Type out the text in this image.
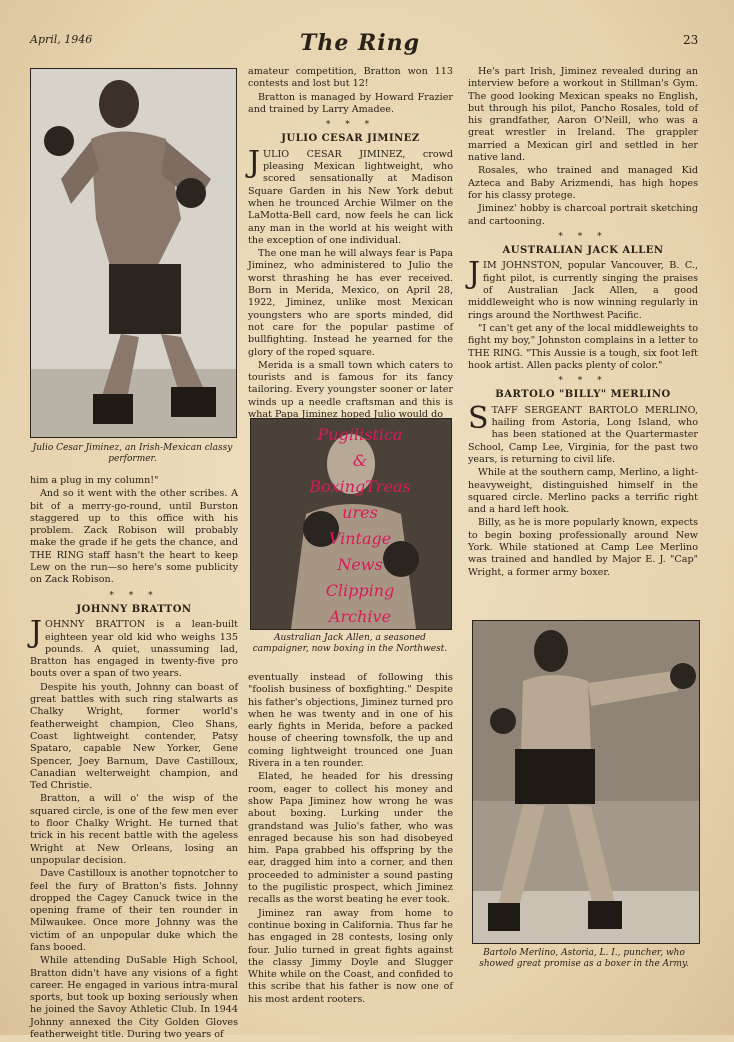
April, 1946	The Ring	23
Julio Cesar Jiminez, an Irish-Mexican classy performer.
Pugilistica
&
BoxingTreas
ures
Vintage
News
Clipping
Archive
Australian Jack Allen, a seasoned campaigner, now boxing in the Northwest.
Bartolo Merlino, Astoria, L. I., puncher, who showed great promise as a boxer in the Army.

him a plug in my column!"

And so it went with the other scribes. A bit of a merry-go-round, until Burston staggered up to this office with his problem. Zack Robison will probably make the grade if he gets the chance, and THE RING staff hasn't the heart to keep Lew on the run—so here's some publicity on Zack Robison.

* * *

JOHNNY BRATTON

JOHNNY BRATTON is a lean-built eighteen year old kid who weighs 135 pounds. A quiet, unassuming lad, Bratton has engaged in twenty-five pro bouts over a span of two years.

Despite his youth, Johnny can boast of great battles with such ring stalwarts as Chalky Wright, former world's featherweight champion, Cleo Shans, Coast lightweight contender, Patsy Spataro, capable New Yorker, Gene Spencer, Joey Barnum, Dave Castilloux, Canadian welterweight champion, and Ted Christie.

Bratton, a will o' the wisp of the squared circle, is one of the few men ever to floor Chalky Wright. He turned that trick in his recent battle with the ageless Wright at New Orleans, losing an unpopular decision.

Dave Castilloux is another topnotcher to feel the fury of Bratton's fists. Johnny dropped the Cagey Canuck twice in the opening frame of their ten rounder in Milwaukee. Once more Johnny was the victim of an unpopular duke which the fans booed.

While attending DuSable High School, Bratton didn't have any visions of a fight career. He engaged in various intra-mural sports, but took up boxing seriously when he joined the Savoy Athletic Club. In 1944 Johnny annexed the City Golden Gloves featherweight title. During two years of

amateur competition, Bratton won 113 contests and lost but 12!

Bratton is managed by Howard Frazier and trained by Larry Amadee.

* * *

JULIO CESAR JIMINEZ

JULIO CESAR JIMINEZ, crowd pleasing Mexican lightweight, who scored sensationally at Madison Square Garden in his New York debut when he trounced Archie Wilmer on the LaMotta-Bell card, now feels he can lick any man in the world at his weight with the exception of one individual.

The one man he will always fear is Papa Jiminez, who administered to Julio the worst thrashing he has ever received. Born in Merida, Mexico, on April 28, 1922, Jiminez, unlike most Mexican youngsters who are sports minded, did not care for the popular pastime of bullfighting. Instead he yearned for the glory of the roped square.

Merida is a small town which caters to tourists and is famous for its fancy tailoring. Every youngster sooner or later winds up a needle craftsman and this is what Papa Jiminez hoped Julio would do

eventually instead of following this "foolish business of boxfighting." Despite his father's objections, Jiminez turned pro when he was twenty and in one of his early fights in Merida, before a packed house of cheering townsfolk, the up and coming lightweight trounced one Juan Rivera in a ten rounder.

Elated, he headed for his dressing room, eager to collect his money and show Papa Jiminez how wrong he was about boxing. Lurking under the grandstand was Julio's father, who was enraged because his son had disobeyed him. Papa grabbed his offspring by the ear, dragged him into a corner, and then proceeded to administer a sound pasting to the pugilistic prospect, which Jiminez recalls as the worst beating he ever took.

Jiminez ran away from home to continue boxing in California. Thus far he has engaged in 28 contests, losing only four. Julio turned in great fights against the classy Jimmy Doyle and Slugger White while on the Coast, and confided to this scribe that his father is now one of his most ardent rooters.

He's part Irish, Jiminez revealed during an interview before a workout in Stillman's Gym. The good looking Mexican speaks no English, but through his pilot, Pancho Rosales, told of his grandfather, Aaron O'Neill, who was a great wrestler in Ireland. The grappler married a Mexican girl and settled in her native land.

Rosales, who trained and managed Kid Azteca and Baby Arizmendi, has high hopes for his classy protege.

Jiminez' hobby is charcoal portrait sketching and cartooning.

* * *

AUSTRALIAN JACK ALLEN

JIM JOHNSTON, popular Vancouver, B. C., fight pilot, is currently singing the praises of Australian Jack Allen, a good middleweight who is now winning regularly in rings around the Northwest Pacific.

"I can't get any of the local middleweights to fight my boy," Johnston complains in a letter to THE RING. "This Aussie is a tough, six foot left hook artist. Allen packs plenty of color."

* * *

BARTOLO "BILLY" MERLINO

STAFF SERGEANT BARTOLO MERLINO, hailing from Astoria, Long Island, who has been stationed at the Quartermaster School, Camp Lee, Virginia, for the past two years, is returning to civil life.

While at the southern camp, Merlino, a light-heavyweight, distinguished himself in the squared circle. Merlino packs a terrific right and a hard left hook.

Billy, as he is more popularly known, expects to begin boxing professionally around New York. While stationed at Camp Lee Merlino was trained and handled by Major E. J. "Cap" Wright, a former army boxer.
